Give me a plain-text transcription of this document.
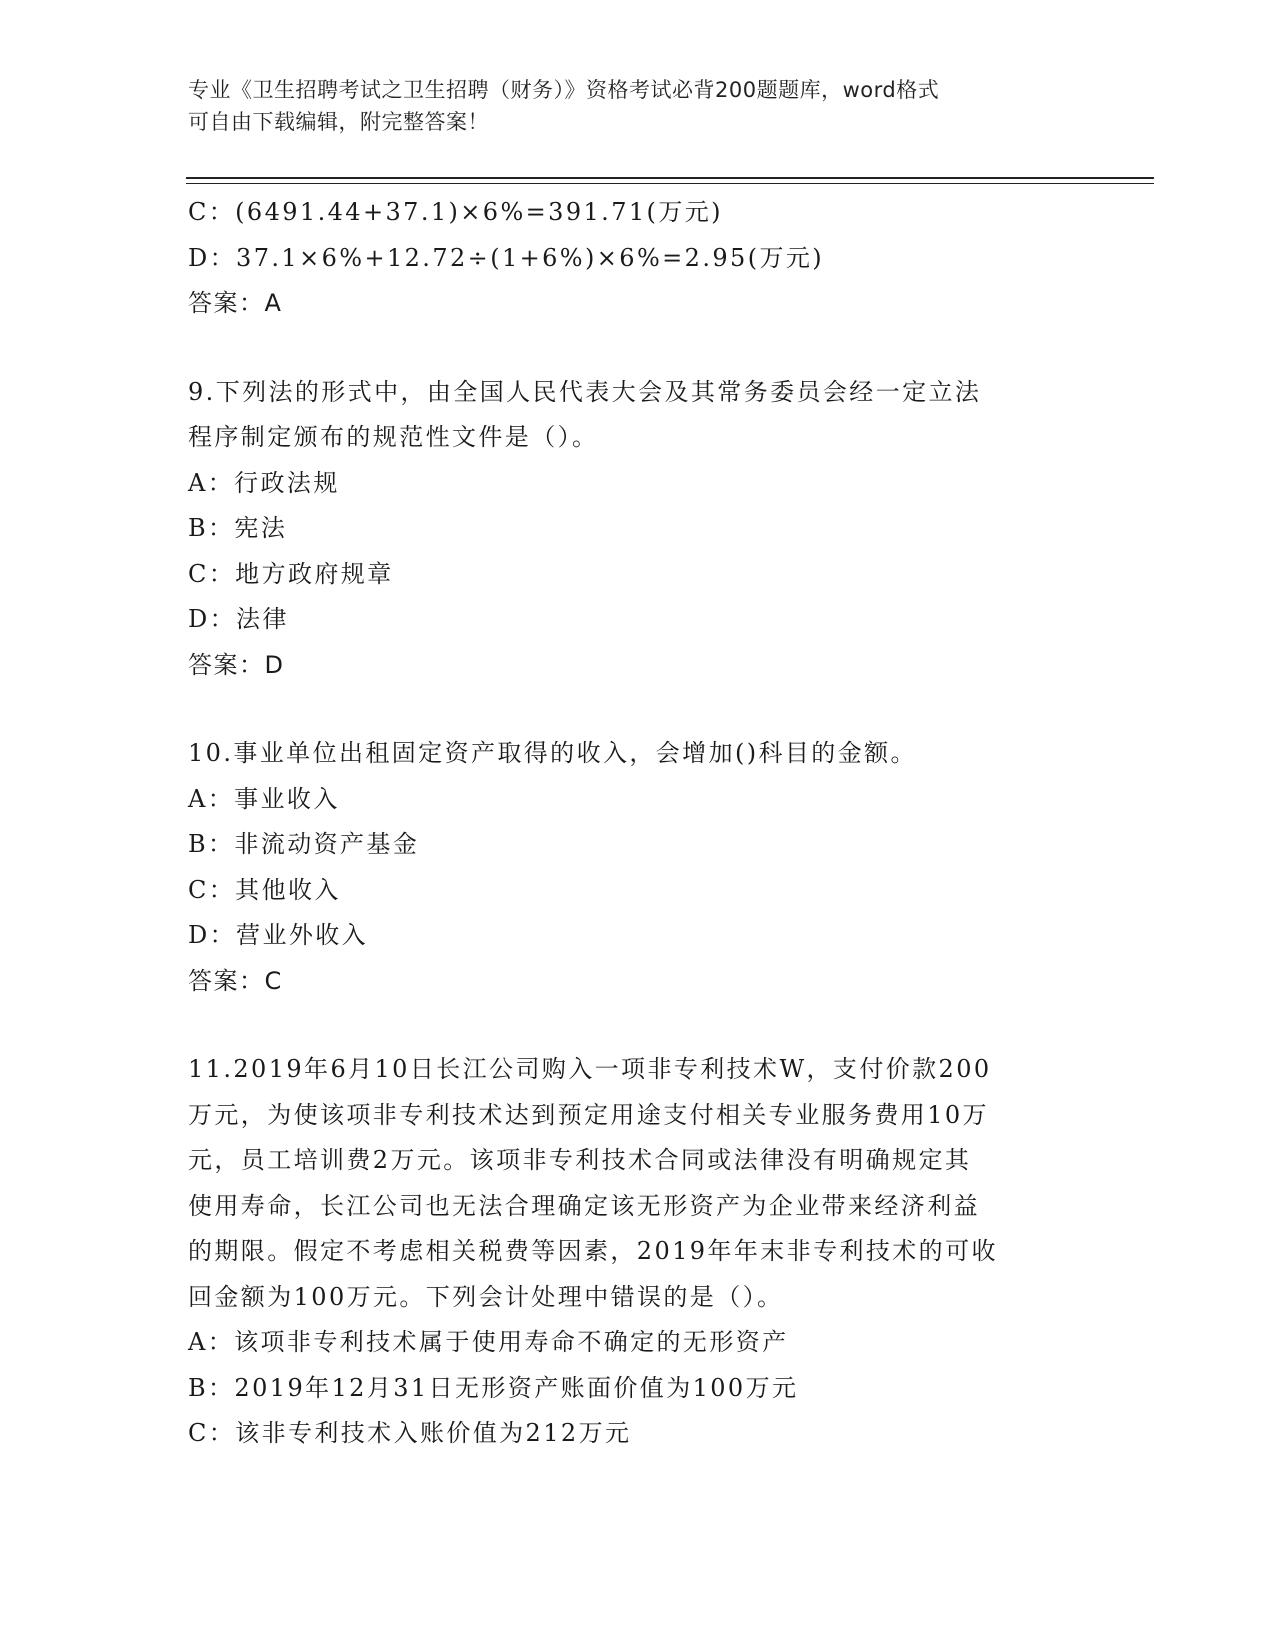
专业《卫生招聘考试之卫生招聘（财务）》资格考试必背200题题库，word格式
可自由下载编辑，附完整答案！
C：(6491.44+37.1)×6%=391.71(万元)
D：37.1×6%+12.72÷(1+6%)×6%=2.95(万元)
答案：A
9.下列法的形式中，由全国人民代表大会及其常务委员会经一定立法
程序制定颁布的规范性文件是（）。
A：行政法规
B：宪法
C：地方政府规章
D：法律
答案：D
10.事业单位出租固定资产取得的收入，会增加()科目的金额。
A：事业收入
B：非流动资产基金
C：其他收入
D：营业外收入
答案：C
11.2019年6月10日长江公司购入一项非专利技术W，支付价款200
万元，为使该项非专利技术达到预定用途支付相关专业服务费用10万
元，员工培训费2万元。该项非专利技术合同或法律没有明确规定其
使用寿命，长江公司也无法合理确定该无形资产为企业带来经济利益
的期限。假定不考虑相关税费等因素，2019年年末非专利技术的可收
回金额为100万元。下列会计处理中错误的是（）。
A：该项非专利技术属于使用寿命不确定的无形资产
B：2019年12月31日无形资产账面价值为100万元
C：该非专利技术入账价值为212万元
